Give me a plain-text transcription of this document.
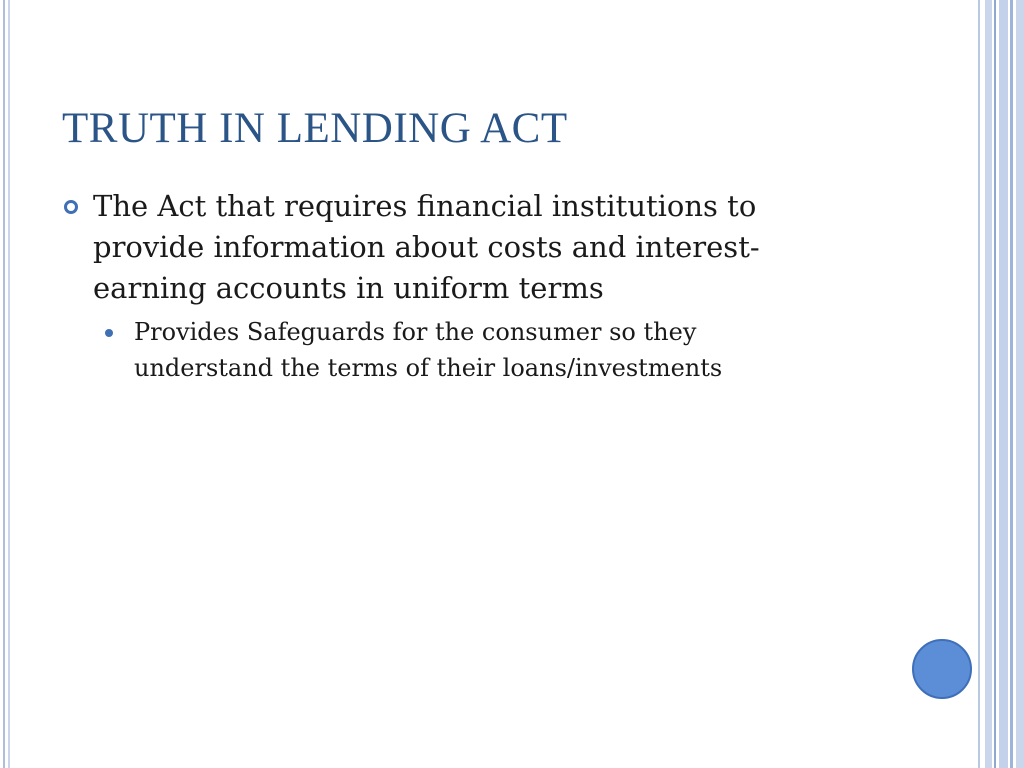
TRUTH IN LENDING ACT
The Act that requires financial institutions to provide information about costs and interest-earning accounts in uniform terms
Provides Safeguards for the consumer so they understand the terms of their loans/investments
